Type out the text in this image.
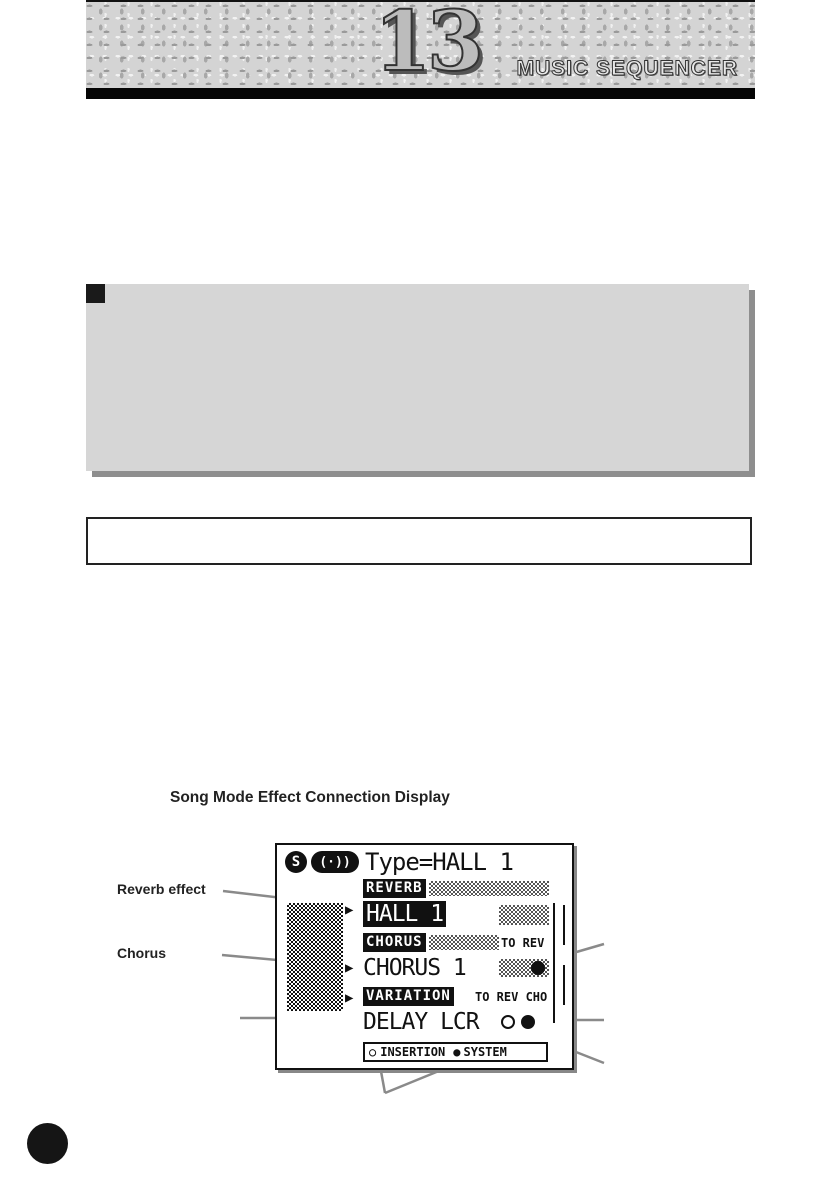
13 MUSIC SEQUENCER
Song Mode Effect Connection Display
Reverb effect
Chorus
S	(·)) Type=HALL 1
▶
▶
▶
REVERB
HALL 1
CHORUS	TO REV
CHORUS 1
VARIATION TO REV CHO
DELAY LCR
○ INSERTION ● SYSTEM
